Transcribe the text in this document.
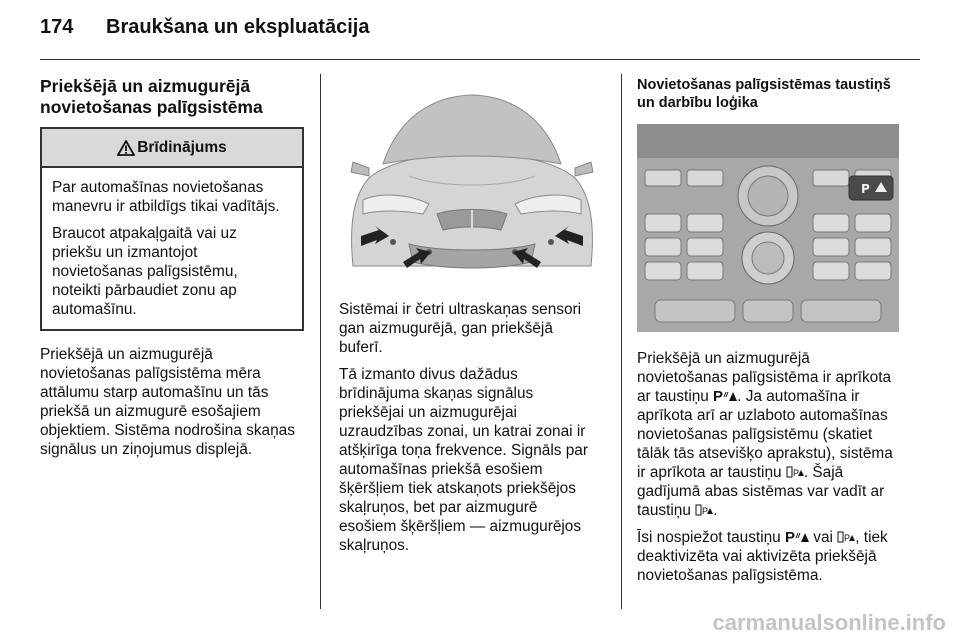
174 Braukšana un ekspluatācija
Priekšējā un aizmugurējā
novietošanas palīgsistēma
Brīdinājums

Par automašīnas novietošanas
manevru ir atbildīgs tikai vadītājs.

Braucot atpakaļgaitā vai uz
priekšu un izmantojot
novietošanas palīgsistēmu,
noteikti pārbaudiet zonu ap
automašīnu.

Priekšējā un aizmugurējā
novietošanas palīgsistēma mēra
attālumu starp automašīnu un tās
priekšā un aizmugurē esošajiem
objektiem. Sistēma nodrošina skaņas
signālus un ziņojumus displejā.

Sistēmai ir četri ultraskaņas sensori
gan aizmugurējā, gan priekšējā
buferī.

Tā izmanto divus dažādus
brīdinājuma skaņas signālus
priekšējai un aizmugurējai
uzraudzības zonai, un katrai zonai ir
atšķirīga toņa frekvence. Signāls par
automašīnas priekšā esošiem
šķēršļiem tiek atskaņots priekšējos
skaļruņos, bet par aizmugurē
esošiem šķēršļiem — aizmugurējos
skaļruņos.

Novietošanas palīgsistēmas taustiņš
un darbību loģika
P

Priekšējā un aizmugurējā
novietošanas palīgsistēma ir aprīkota
ar taustiņu P . Ja automašīna ir
aprīkota arī ar uzlaboto automašīnas
novietošanas palīgsistēmu (skatiet
tālāk tās atsevišķo aprakstu), sistēma
ir aprīkota ar taustiņu P . Šajā
gadījumā abas sistēmas var vadīt ar
taustiņu P .

Īsi nospiežot taustiņu P vai P , tiek
deaktivizēta vai aktivizēta priekšējā
novietošanas palīgsistēma.

carmanualsonline.info
